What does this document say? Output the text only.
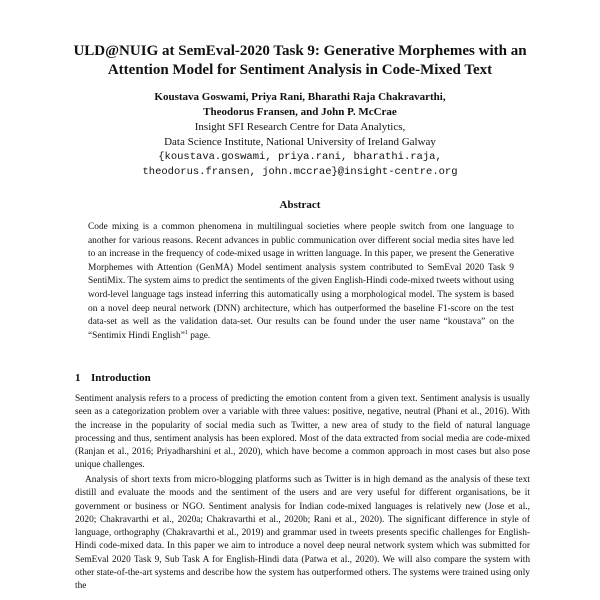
ULD@NUIG at SemEval-2020 Task 9: Generative Morphemes with an
Attention Model for Sentiment Analysis in Code-Mixed Text
Koustava Goswami, Priya Rani, Bharathi Raja Chakravarthi,
Theodorus Fransen, and John P. McCrae
Insight SFI Research Centre for Data Analytics,
Data Science Institute, National University of Ireland Galway
{koustava.goswami, priya.rani, bharathi.raja,
theodorus.fransen, john.mccrae}@insight-centre.org
Abstract
Code mixing is a common phenomena in multilingual societies where people switch from one language to another for various reasons. Recent advances in public communication over different social media sites have led to an increase in the frequency of code-mixed usage in written language. In this paper, we present the Generative Morphemes with Attention (GenMA) Model sentiment analysis system contributed to SemEval 2020 Task 9 SentiMix. The system aims to predict the sentiments of the given English-Hindi code-mixed tweets without using word-level language tags instead inferring this automatically using a morphological model. The system is based on a novel deep neural network (DNN) architecture, which has outperformed the baseline F1-score on the test data-set as well as the validation data-set. Our results can be found under the user name “koustava” on the “Sentimix Hindi English”$^1$ page.
1 Introduction

Sentiment analysis refers to a process of predicting the emotion content from a given text. Sentiment analysis is usually seen as a categorization problem over a variable with three values: positive, negative, neutral (Phani et al., 2016). With the increase in the popularity of social media such as Twitter, a new area of study to the field of natural language processing and thus, sentiment analysis has been explored. Most of the data extracted from social media are code-mixed (Ranjan et al., 2016; Priyadharshini et al., 2020), which have become a common approach in most cases but also pose unique challenges.

Analysis of short texts from micro-blogging platforms such as Twitter is in high demand as the analysis of these text distill and evaluate the moods and the sentiment of the users and are very useful for different organisations, be it government or business or NGO. Sentiment analysis for Indian code-mixed languages is relatively new (Jose et al., 2020; Chakravarthi et al., 2020a; Chakravarthi et al., 2020b; Rani et al., 2020). The significant difference in style of language, orthography (Chakravarthi et al., 2019) and grammar used in tweets presents specific challenges for English-Hindi code-mixed data. In this paper we aim to introduce a novel deep neural network system which was submitted for SemEval 2020 Task 9, Sub Task A for English-Hindi data (Patwa et al., 2020). We will also compare the system with other state-of-the-art systems and describe how the system has outperformed others. The systems were trained using only the
